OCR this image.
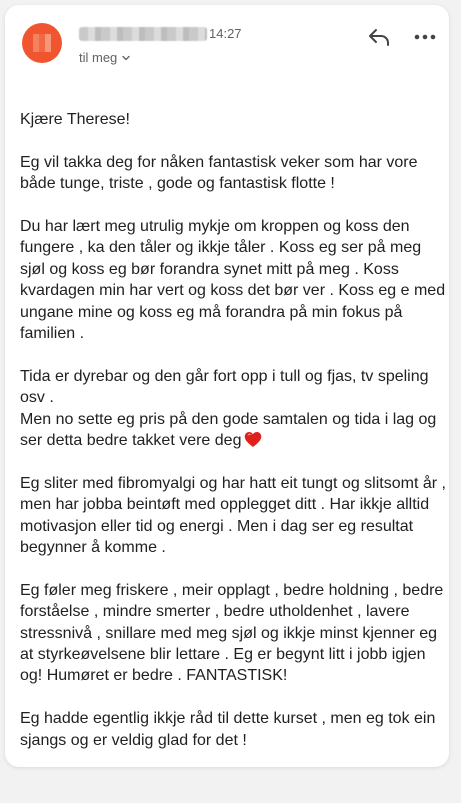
14:27
til meg

Kjære Therese!

Eg vil takka deg for nåken fantastisk veker som har vore både tunge, triste , gode og fantastisk flotte !

Du har lært meg utrulig mykje om kroppen og koss den fungere , ka den tåler og ikkje tåler . Koss eg ser på meg sjøl og koss eg bør forandra synet mitt på meg . Koss kvardagen min har vert og koss det bør ver . Koss eg e med ungane mine og koss eg må forandra på min fokus på familien .

Tida er dyrebar og den går fort opp i tull og fjas, tv speling osv .
Men no sette eg pris på den gode samtalen og tida i lag og ser detta bedre takket vere deg

Eg sliter med fibromyalgi og har hatt eit tungt og slitsomt år , men har jobba beintøft med opplegget ditt . Har ikkje alltid motivasjon eller tid og energi . Men i dag ser eg resultat begynner å komme .

Eg føler meg friskere , meir opplagt , bedre holdning , bedre forståelse , mindre smerter , bedre utholdenhet , lavere stressnivå , snillare med meg sjøl og ikkje minst kjenner eg at styrkeøvelsene blir lettare . Eg er begynt litt i jobb igjen og! Humøret er bedre . FANTASTISK!

Eg hadde egentlig ikkje råd til dette kurset , men eg tok ein sjangs og er veldig glad for det !
